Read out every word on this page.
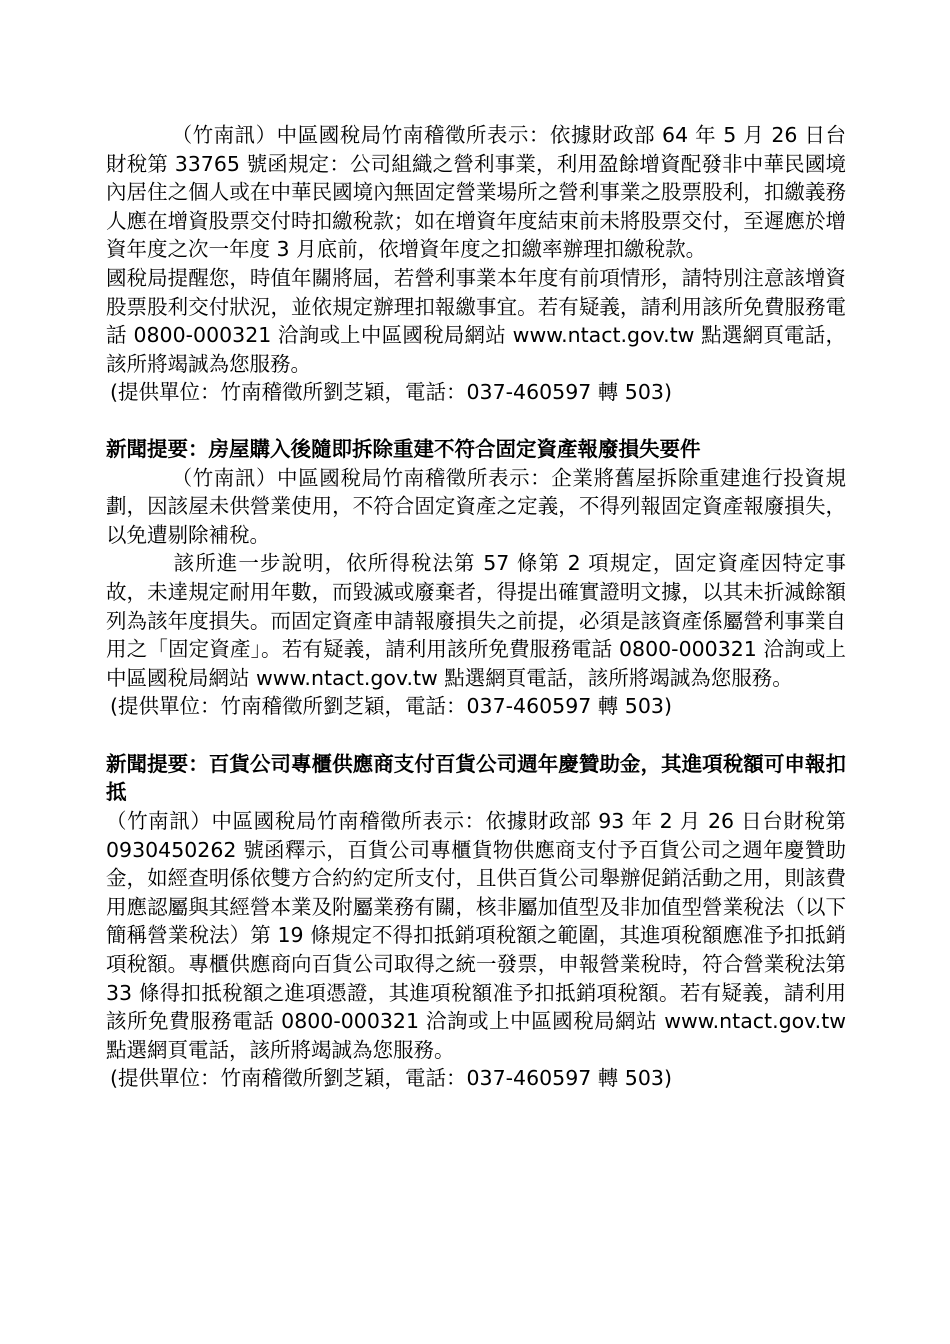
（竹南訊）中區國稅局竹南稽徵所表示：依據財政部 64 年 5 月 26 日台財稅第 33765 號函規定：公司組織之營利事業，利用盈餘增資配發非中華民國境內居住之個人或在中華民國境內無固定營業場所之營利事業之股票股利，扣繳義務人應在增資股票交付時扣繳稅款；如在增資年度結束前未將股票交付，至遲應於增資年度之次一年度 3 月底前，依增資年度之扣繳率辦理扣繳稅款。

國稅局提醒您，時值年關將屆，若營利事業本年度有前項情形，請特別注意該增資股票股利交付狀況，並依規定辦理扣報繳事宜。若有疑義，請利用該所免費服務電話 0800-000321 洽詢或上中區國稅局網站 www.ntact.gov.tw 點選網頁電話，該所將竭誠為您服務。

(提供單位：竹南稽徵所劉芝穎，電話：037-460597 轉 503)

新聞提要：房屋購入後隨即拆除重建不符合固定資產報廢損失要件

（竹南訊）中區國稅局竹南稽徵所表示：企業將舊屋拆除重建進行投資規劃，因該屋未供營業使用，不符合固定資產之定義，不得列報固定資產報廢損失，以免遭剔除補稅。

該所進一步說明，依所得稅法第 57 條第 2 項規定，固定資產因特定事故，未達規定耐用年數，而毀滅或廢棄者，得提出確實證明文據，以其未折減餘額列為該年度損失。而固定資產申請報廢損失之前提，必須是該資產係屬營利事業自用之「固定資產」。若有疑義，請利用該所免費服務電話 0800-000321 洽詢或上中區國稅局網站 www.ntact.gov.tw 點選網頁電話，該所將竭誠為您服務。

(提供單位：竹南稽徵所劉芝穎，電話：037-460597 轉 503)

新聞提要：百貨公司專櫃供應商支付百貨公司週年慶贊助金，其進項稅額可申報扣抵

（竹南訊）中區國稅局竹南稽徵所表示：依據財政部 93 年 2 月 26 日台財稅第 0930450262 號函釋示，百貨公司專櫃貨物供應商支付予百貨公司之週年慶贊助金，如經查明係依雙方合約約定所支付，且供百貨公司舉辦促銷活動之用，則該費用應認屬與其經營本業及附屬業務有關，核非屬加值型及非加值型營業稅法（以下簡稱營業稅法）第 19 條規定不得扣抵銷項稅額之範圍，其進項稅額應准予扣抵銷項稅額。專櫃供應商向百貨公司取得之統一發票，申報營業稅時，符合營業稅法第 33 條得扣抵稅額之進項憑證，其進項稅額准予扣抵銷項稅額。若有疑義，請利用該所免費服務電話 0800-000321 洽詢或上中區國稅局網站 www.ntact.gov.tw 點選網頁電話，該所將竭誠為您服務。

(提供單位：竹南稽徵所劉芝穎，電話：037-460597 轉 503)
